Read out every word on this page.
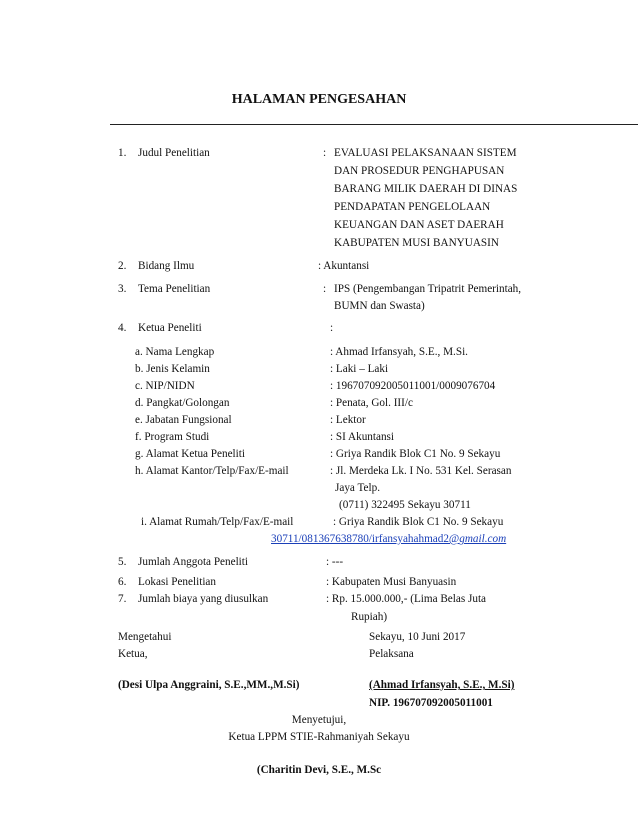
HALAMAN PENGESAHAN
1. Judul Penelitian	: EVALUASI PELAKSANAAN SISTEM
DAN PROSEDUR PENGHAPUSAN
BARANG MILIK DAERAH DI DINAS
PENDAPATAN PENGELOLAAN
KEUANGAN DAN ASET DAERAH
KABUPATEN MUSI BANYUASIN
2. Bidang Ilmu	: Akuntansi
3. Tema Penelitian	: IPS (Pengembangan Tripatrit Pemerintah,
BUMN dan Swasta)
4. Ketua Peneliti	:
a. Nama Lengkap	: Ahmad Irfansyah, S.E., M.Si.
b. Jenis Kelamin	: Laki – Laki
c. NIP/NIDN	: 196707092005011001/0009076704
d. Pangkat/Golongan	: Penata, Gol. III/c
e. Jabatan Fungsional	: Lektor
f. Program Studi	: SI Akuntansi
g. Alamat Ketua Peneliti	: Griya Randik Blok C1 No. 9 Sekayu
h. Alamat Kantor/Telp/Fax/E-mail	: Jl. Merdeka Lk. I No. 531 Kel. Serasan
Jaya Telp.
(0711) 322495 Sekayu 30711
i. Alamat Rumah/Telp/Fax/E-mail	: Griya Randik Blok C1 No. 9 Sekayu
30711/081367638780/irfansyahahmad2@gmail.com
5. Jumlah Anggota Peneliti	: ---
6. Lokasi Penelitian	: Kabupaten Musi Banyuasin
7. Jumlah biaya yang diusulkan	: Rp. 15.000.000,- (Lima Belas Juta
Rupiah)
Mengetahui
Ketua,
Sekayu, 10 Juni 2017
Pelaksana
(Desi Ulpa Anggraini, S.E.,MM.,M.Si)	(Ahmad Irfansyah, S.E., M.Si)
NIP. 196707092005011001
Menyetujui,
Ketua LPPM STIE-Rahmaniyah Sekayu
(Charitin Devi, S.E., M.Sc
